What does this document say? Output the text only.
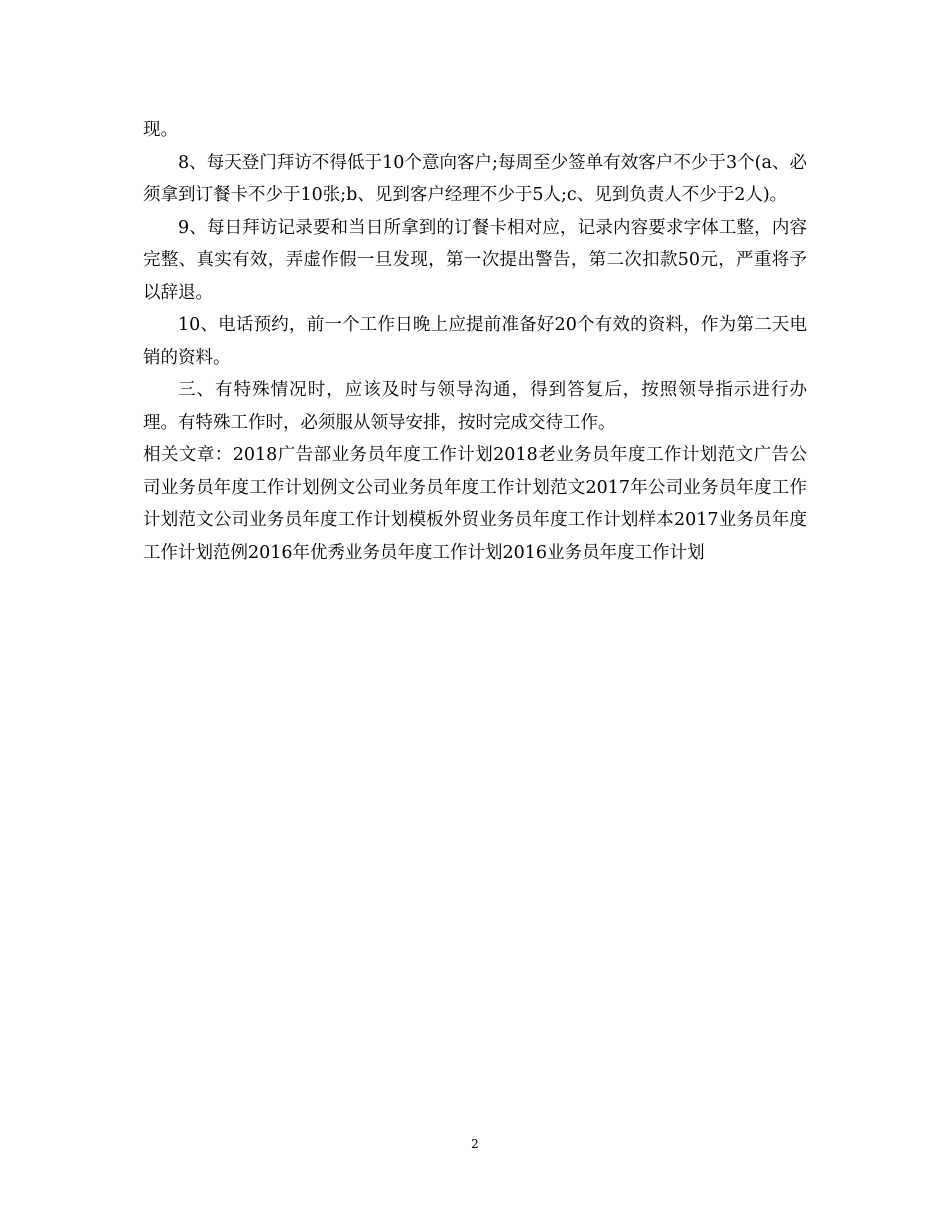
现。

8、每天登门拜访不得低于10个意向客户;每周至少签单有效客户不少于3个(a、必须拿到订餐卡不少于10张;b、见到客户经理不少于5人;c、见到负责人不少于2人)。

9、每日拜访记录要和当日所拿到的订餐卡相对应，记录内容要求字体工整，内容完整、真实有效，弄虚作假一旦发现，第一次提出警告，第二次扣款50元，严重将予以辞退。

10、电话预约，前一个工作日晚上应提前准备好20个有效的资料，作为第二天电销的资料。

三、有特殊情况时，应该及时与领导沟通，得到答复后，按照领导指示进行办理。有特殊工作时，必须服从领导安排，按时完成交待工作。

相关文章：2018广告部业务员年度工作计划2018老业务员年度工作计划范文广告公司业务员年度工作计划例文公司业务员年度工作计划范文2017年公司业务员年度工作计划范文公司业务员年度工作计划模板外贸业务员年度工作计划样本2017业务员年度工作计划范例2016年优秀业务员年度工作计划2016业务员年度工作计划

2
